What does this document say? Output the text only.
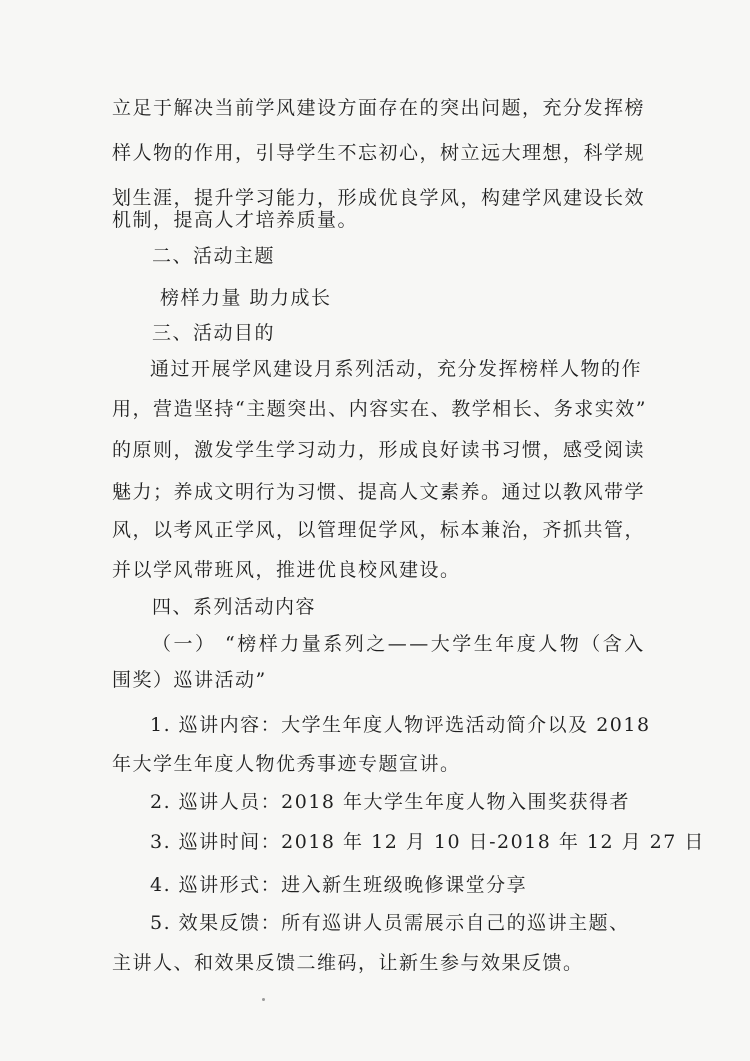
立足于解决当前学风建设方面存在的突出问题，充分发挥榜
样人物的作用，引导学生不忘初心，树立远大理想，科学规
划生涯，提升学习能力，形成优良学风，构建学风建设长效
机制，提高人才培养质量。
二、活动主题
榜样力量 助力成长
三、活动目的
通过开展学风建设月系列活动，充分发挥榜样人物的作
用，营造坚持“主题突出、内容实在、教学相长、务求实效”
的原则，激发学生学习动力，形成良好读书习惯，感受阅读
魅力；养成文明行为习惯、提高人文素养。通过以教风带学
风，以考风正学风，以管理促学风，标本兼治，齐抓共管，
并以学风带班风，推进优良校风建设。
四、系列活动内容
（一） “榜样力量系列之——大学生年度人物（含入
围奖）巡讲活动”
1. 巡讲内容：大学生年度人物评选活动简介以及 2018
年大学生年度人物优秀事迹专题宣讲。
2. 巡讲人员：2018 年大学生年度人物入围奖获得者
3. 巡讲时间：2018 年 12 月 10 日-2018 年 12 月 27 日
4. 巡讲形式：进入新生班级晚修课堂分享
5. 效果反馈：所有巡讲人员需展示自己的巡讲主题、
主讲人、和效果反馈二维码，让新生参与效果反馈。
